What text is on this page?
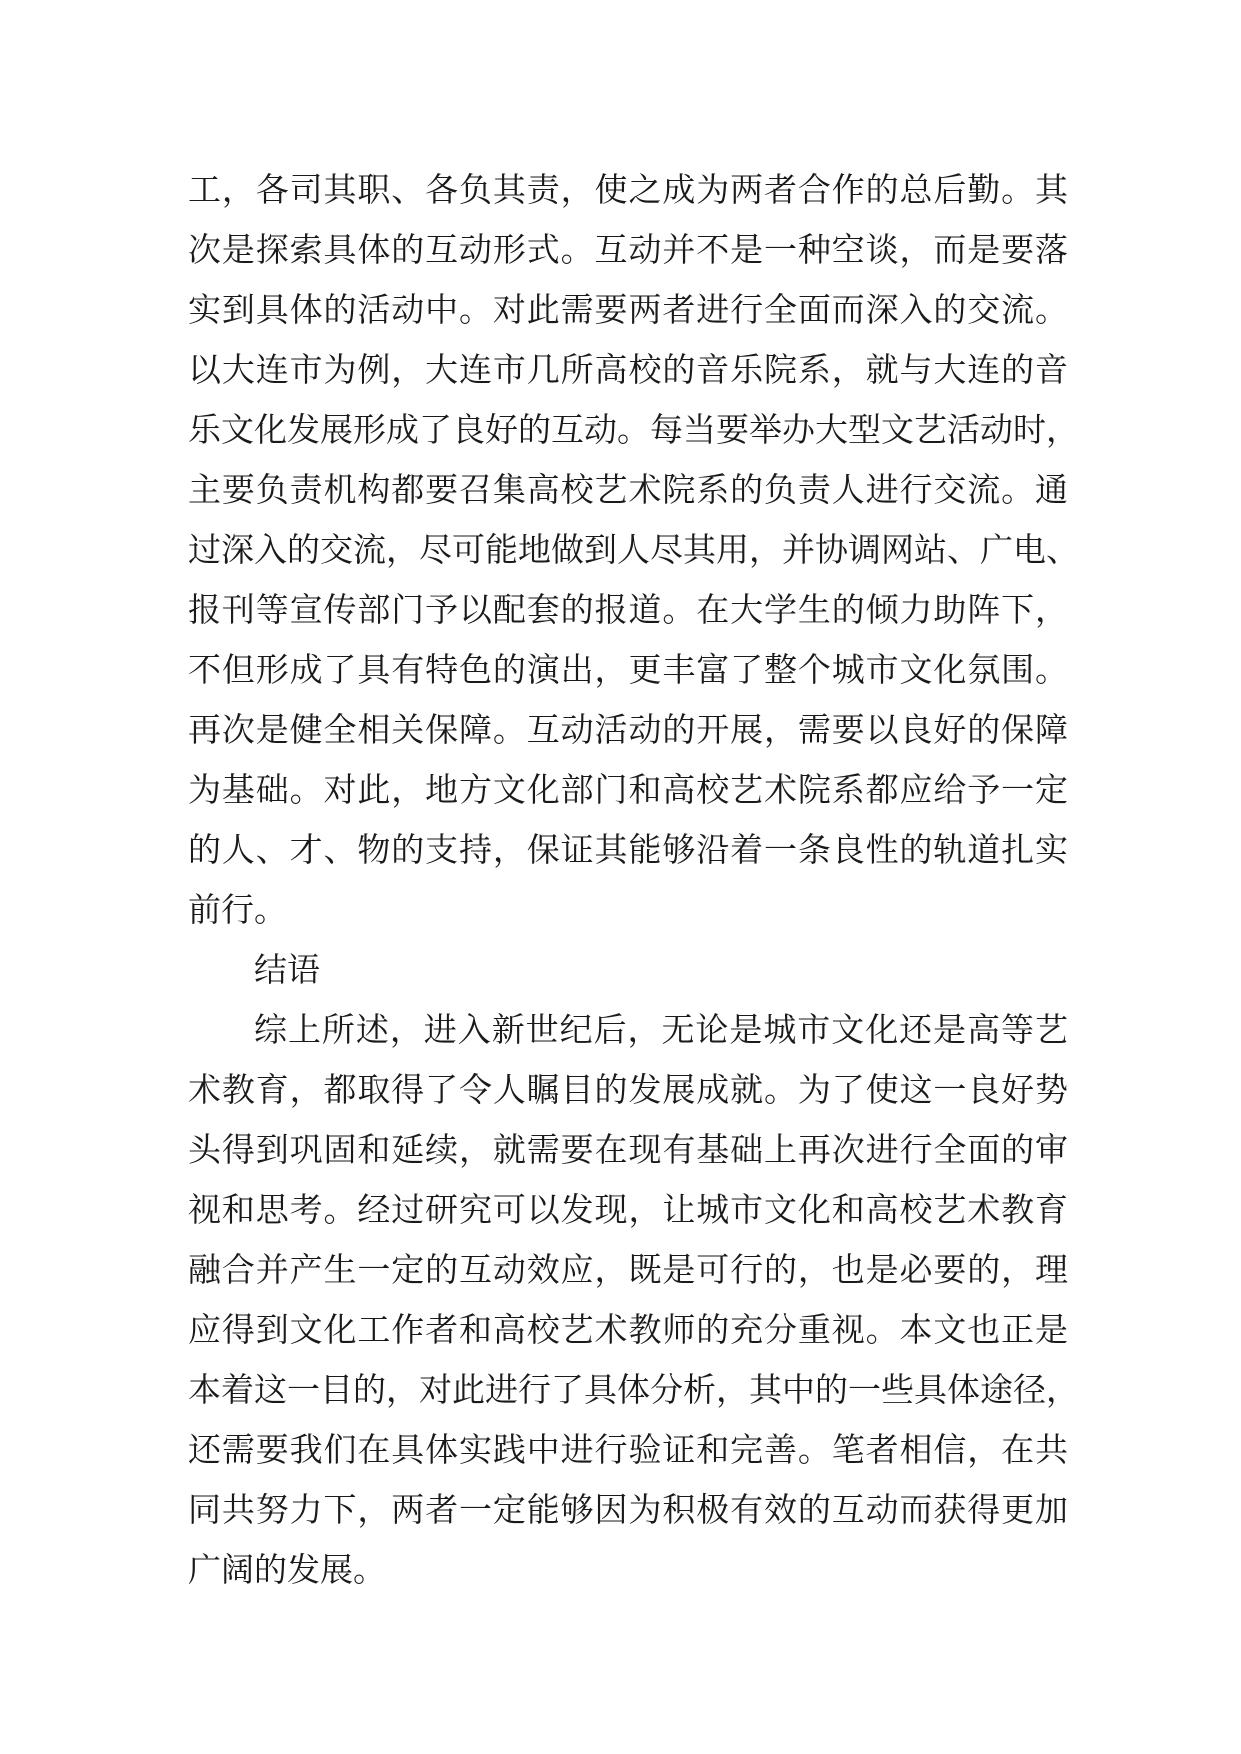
工，各司其职、各负其责，使之成为两者合作的总后勤。其
次是探索具体的互动形式。互动并不是一种空谈，而是要落
实到具体的活动中。对此需要两者进行全面而深入的交流。
以大连市为例，大连市几所高校的音乐院系，就与大连的音
乐文化发展形成了良好的互动。每当要举办大型文艺活动时，
主要负责机构都要召集高校艺术院系的负责人进行交流。通
过深入的交流，尽可能地做到人尽其用，并协调网站、广电、
报刊等宣传部门予以配套的报道。在大学生的倾力助阵下，
不但形成了具有特色的演出，更丰富了整个城市文化氛围。
再次是健全相关保障。互动活动的开展，需要以良好的保障
为基础。对此，地方文化部门和高校艺术院系都应给予一定
的人、才、物的支持，保证其能够沿着一条良性的轨道扎实
前行。
结语
综上所述，进入新世纪后，无论是城市文化还是高等艺
术教育，都取得了令人瞩目的发展成就。为了使这一良好势
头得到巩固和延续，就需要在现有基础上再次进行全面的审
视和思考。经过研究可以发现，让城市文化和高校艺术教育
融合并产生一定的互动效应，既是可行的，也是必要的，理
应得到文化工作者和高校艺术教师的充分重视。本文也正是
本着这一目的，对此进行了具体分析，其中的一些具体途径，
还需要我们在具体实践中进行验证和完善。笔者相信，在共
同共努力下，两者一定能够因为积极有效的互动而获得更加
广阔的发展。
